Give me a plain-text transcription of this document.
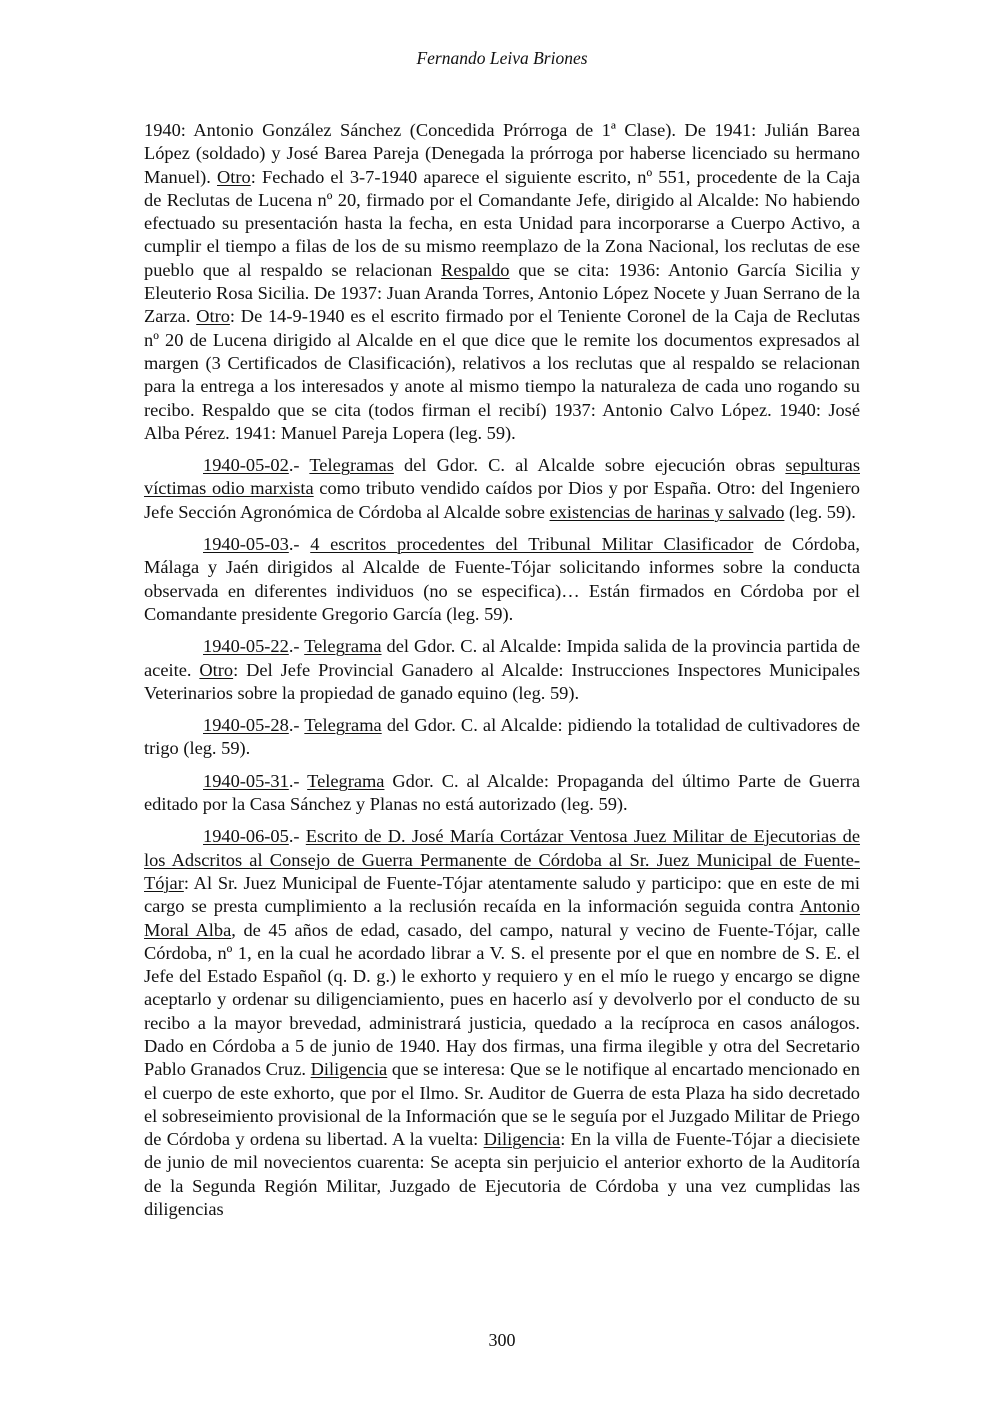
Fernando Leiva Briones

1940: Antonio González Sánchez (Concedida Prórroga de 1ª Clase). De 1941: Julián Barea López (soldado) y José Barea Pareja (Denegada la prórroga por haberse licenciado su hermano Manuel). Otro: Fechado el 3-7-1940 aparece el siguiente escrito, nº 551, procedente de la Caja de Reclutas de Lucena nº 20, firmado por el Comandante Jefe, dirigido al Alcalde: No habiendo efectuado su presentación hasta la fecha, en esta Unidad para incorporarse a Cuerpo Activo, a cumplir el tiempo a filas de los de su mismo reemplazo de la Zona Nacional, los reclutas de ese pueblo que al respaldo se relacionan Respaldo que se cita: 1936: Antonio García Sicilia y Eleuterio Rosa Sicilia. De 1937: Juan Aranda Torres, Antonio López Nocete y Juan Serrano de la Zarza. Otro: De 14-9-1940 es el escrito firmado por el Teniente Coronel de la Caja de Reclutas nº 20 de Lucena dirigido al Alcalde en el que dice que le remite los documentos expresados al margen (3 Certificados de Clasificación), relativos a los reclutas que al respaldo se relacionan para la entrega a los interesados y anote al mismo tiempo la naturaleza de cada uno rogando su recibo. Respaldo que se cita (todos firman el recibí) 1937: Antonio Calvo López. 1940: José Alba Pérez. 1941: Manuel Pareja Lopera (leg. 59).

1940-05-02.- Telegramas del Gdor. C. al Alcalde sobre ejecución obras sepulturas víctimas odio marxista como tributo vendido caídos por Dios y por España. Otro: del Ingeniero Jefe Sección Agronómica de Córdoba al Alcalde sobre existencias de harinas y salvado (leg. 59).

1940-05-03.- 4 escritos procedentes del Tribunal Militar Clasificador de Córdoba, Málaga y Jaén dirigidos al Alcalde de Fuente-Tójar solicitando informes sobre la conducta observada en diferentes individuos (no se especifica)… Están firmados en Córdoba por el Comandante presidente Gregorio García (leg. 59).

1940-05-22.- Telegrama del Gdor. C. al Alcalde: Impida salida de la provincia partida de aceite. Otro: Del Jefe Provincial Ganadero al Alcalde: Instrucciones Inspectores Municipales Veterinarios sobre la propiedad de ganado equino (leg. 59).

1940-05-28.- Telegrama del Gdor. C. al Alcalde: pidiendo la totalidad de cultivadores de trigo (leg. 59).

1940-05-31.- Telegrama Gdor. C. al Alcalde: Propaganda del último Parte de Guerra editado por la Casa Sánchez y Planas no está autorizado (leg. 59).

1940-06-05.- Escrito de D. José María Cortázar Ventosa Juez Militar de Ejecutorias de los Adscritos al Consejo de Guerra Permanente de Córdoba al Sr. Juez Municipal de Fuente-Tójar: Al Sr. Juez Municipal de Fuente-Tójar atentamente saludo y participo: que en este de mi cargo se presta cumplimiento a la reclusión recaída en la información seguida contra Antonio Moral Alba, de 45 años de edad, casado, del campo, natural y vecino de Fuente-Tójar, calle Córdoba, nº 1, en la cual he acordado librar a V. S. el presente por el que en nombre de S. E. el Jefe del Estado Español (q. D. g.) le exhorto y requiero y en el mío le ruego y encargo se digne aceptarlo y ordenar su diligenciamiento, pues en hacerlo así y devolverlo por el conducto de su recibo a la mayor brevedad, administrará justicia, quedado a la recíproca en casos análogos. Dado en Córdoba a 5 de junio de 1940. Hay dos firmas, una firma ilegible y otra del Secretario Pablo Granados Cruz. Diligencia que se interesa: Que se le notifique al encartado mencionado en el cuerpo de este exhorto, que por el Ilmo. Sr. Auditor de Guerra de esta Plaza ha sido decretado el sobreseimiento provisional de la Información que se le seguía por el Juzgado Militar de Priego de Córdoba y ordena su libertad. A la vuelta: Diligencia: En la villa de Fuente-Tójar a diecisiete de junio de mil novecientos cuarenta: Se acepta sin perjuicio el anterior exhorto de la Auditoría de la Segunda Región Militar, Juzgado de Ejecutoria de Córdoba y una vez cumplidas las diligencias

300
